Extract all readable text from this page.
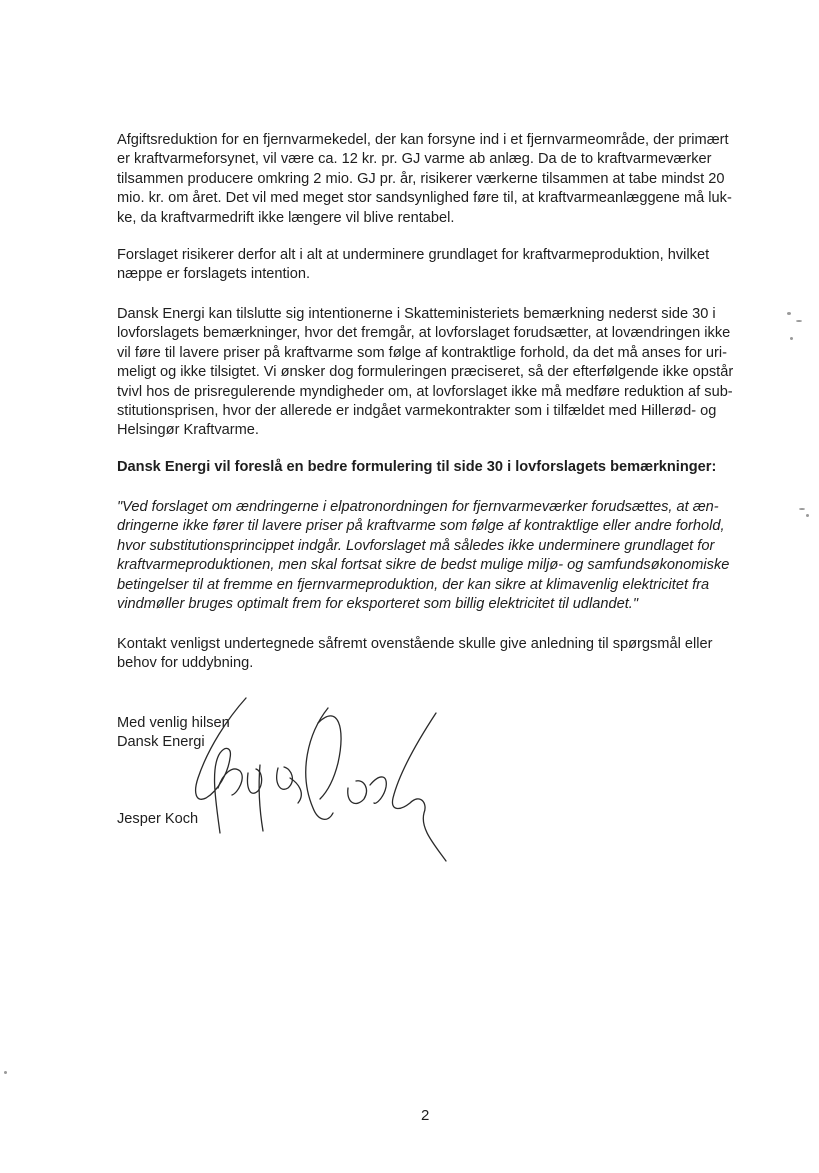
Afgiftsreduktion for en fjernvarmekedel, der kan forsyne ind i et fjernvarmeområde, der primært
er kraftvarmeforsynet, vil være ca. 12 kr. pr. GJ varme ab anlæg. Da de to kraftvarmeværker
tilsammen producere omkring 2 mio. GJ pr. år, risikerer værkerne tilsammen at tabe mindst 20
mio. kr. om året. Det vil med meget stor sandsynlighed føre til, at kraftvarmeanlæggene må luk-
ke, da kraftvarmedrift ikke længere vil blive rentabel.
Forslaget risikerer derfor alt i alt at underminere grundlaget for kraftvarmeproduktion, hvilket
næppe er forslagets intention.
Dansk Energi kan tilslutte sig intentionerne i Skatteministeriets bemærkning nederst side 30 i
lovforslagets bemærkninger, hvor det fremgår, at lovforslaget forudsætter, at lovændringen ikke
vil føre til lavere priser på kraftvarme som følge af kontraktlige forhold, da det må anses for uri-
meligt og ikke tilsigtet. Vi ønsker dog formuleringen præciseret, så der efterfølgende ikke opstår
tvivl hos de prisregulerende myndigheder om, at lovforslaget ikke må medføre reduktion af sub-
stitutionsprisen, hvor der allerede er indgået varmekontrakter som i tilfældet med Hillerød- og
Helsingør Kraftvarme.
Dansk Energi vil foreslå en bedre formulering til side 30 i lovforslagets bemærkninger:
"Ved forslaget om ændringerne i elpatronordningen for fjernvarmeværker forudsættes, at æn-
dringerne ikke fører til lavere priser på kraftvarme som følge af kontraktlige eller andre forhold,
hvor substitutionsprincippet indgår. Lovforslaget må således ikke underminere grundlaget for
kraftvarmeproduktionen, men skal fortsat sikre de bedst mulige miljø- og samfundsøkonomiske
betingelser til at fremme en fjernvarmeproduktion, der kan sikre at klimavenlig elektricitet fra
vindmøller bruges optimalt frem for eksporteret som billig elektricitet til udlandet."
Kontakt venligst undertegnede såfremt ovenstående skulle give anledning til spørgsmål eller
behov for uddybning.
Med venlig hilsen
Dansk Energi
Jesper Koch
2
